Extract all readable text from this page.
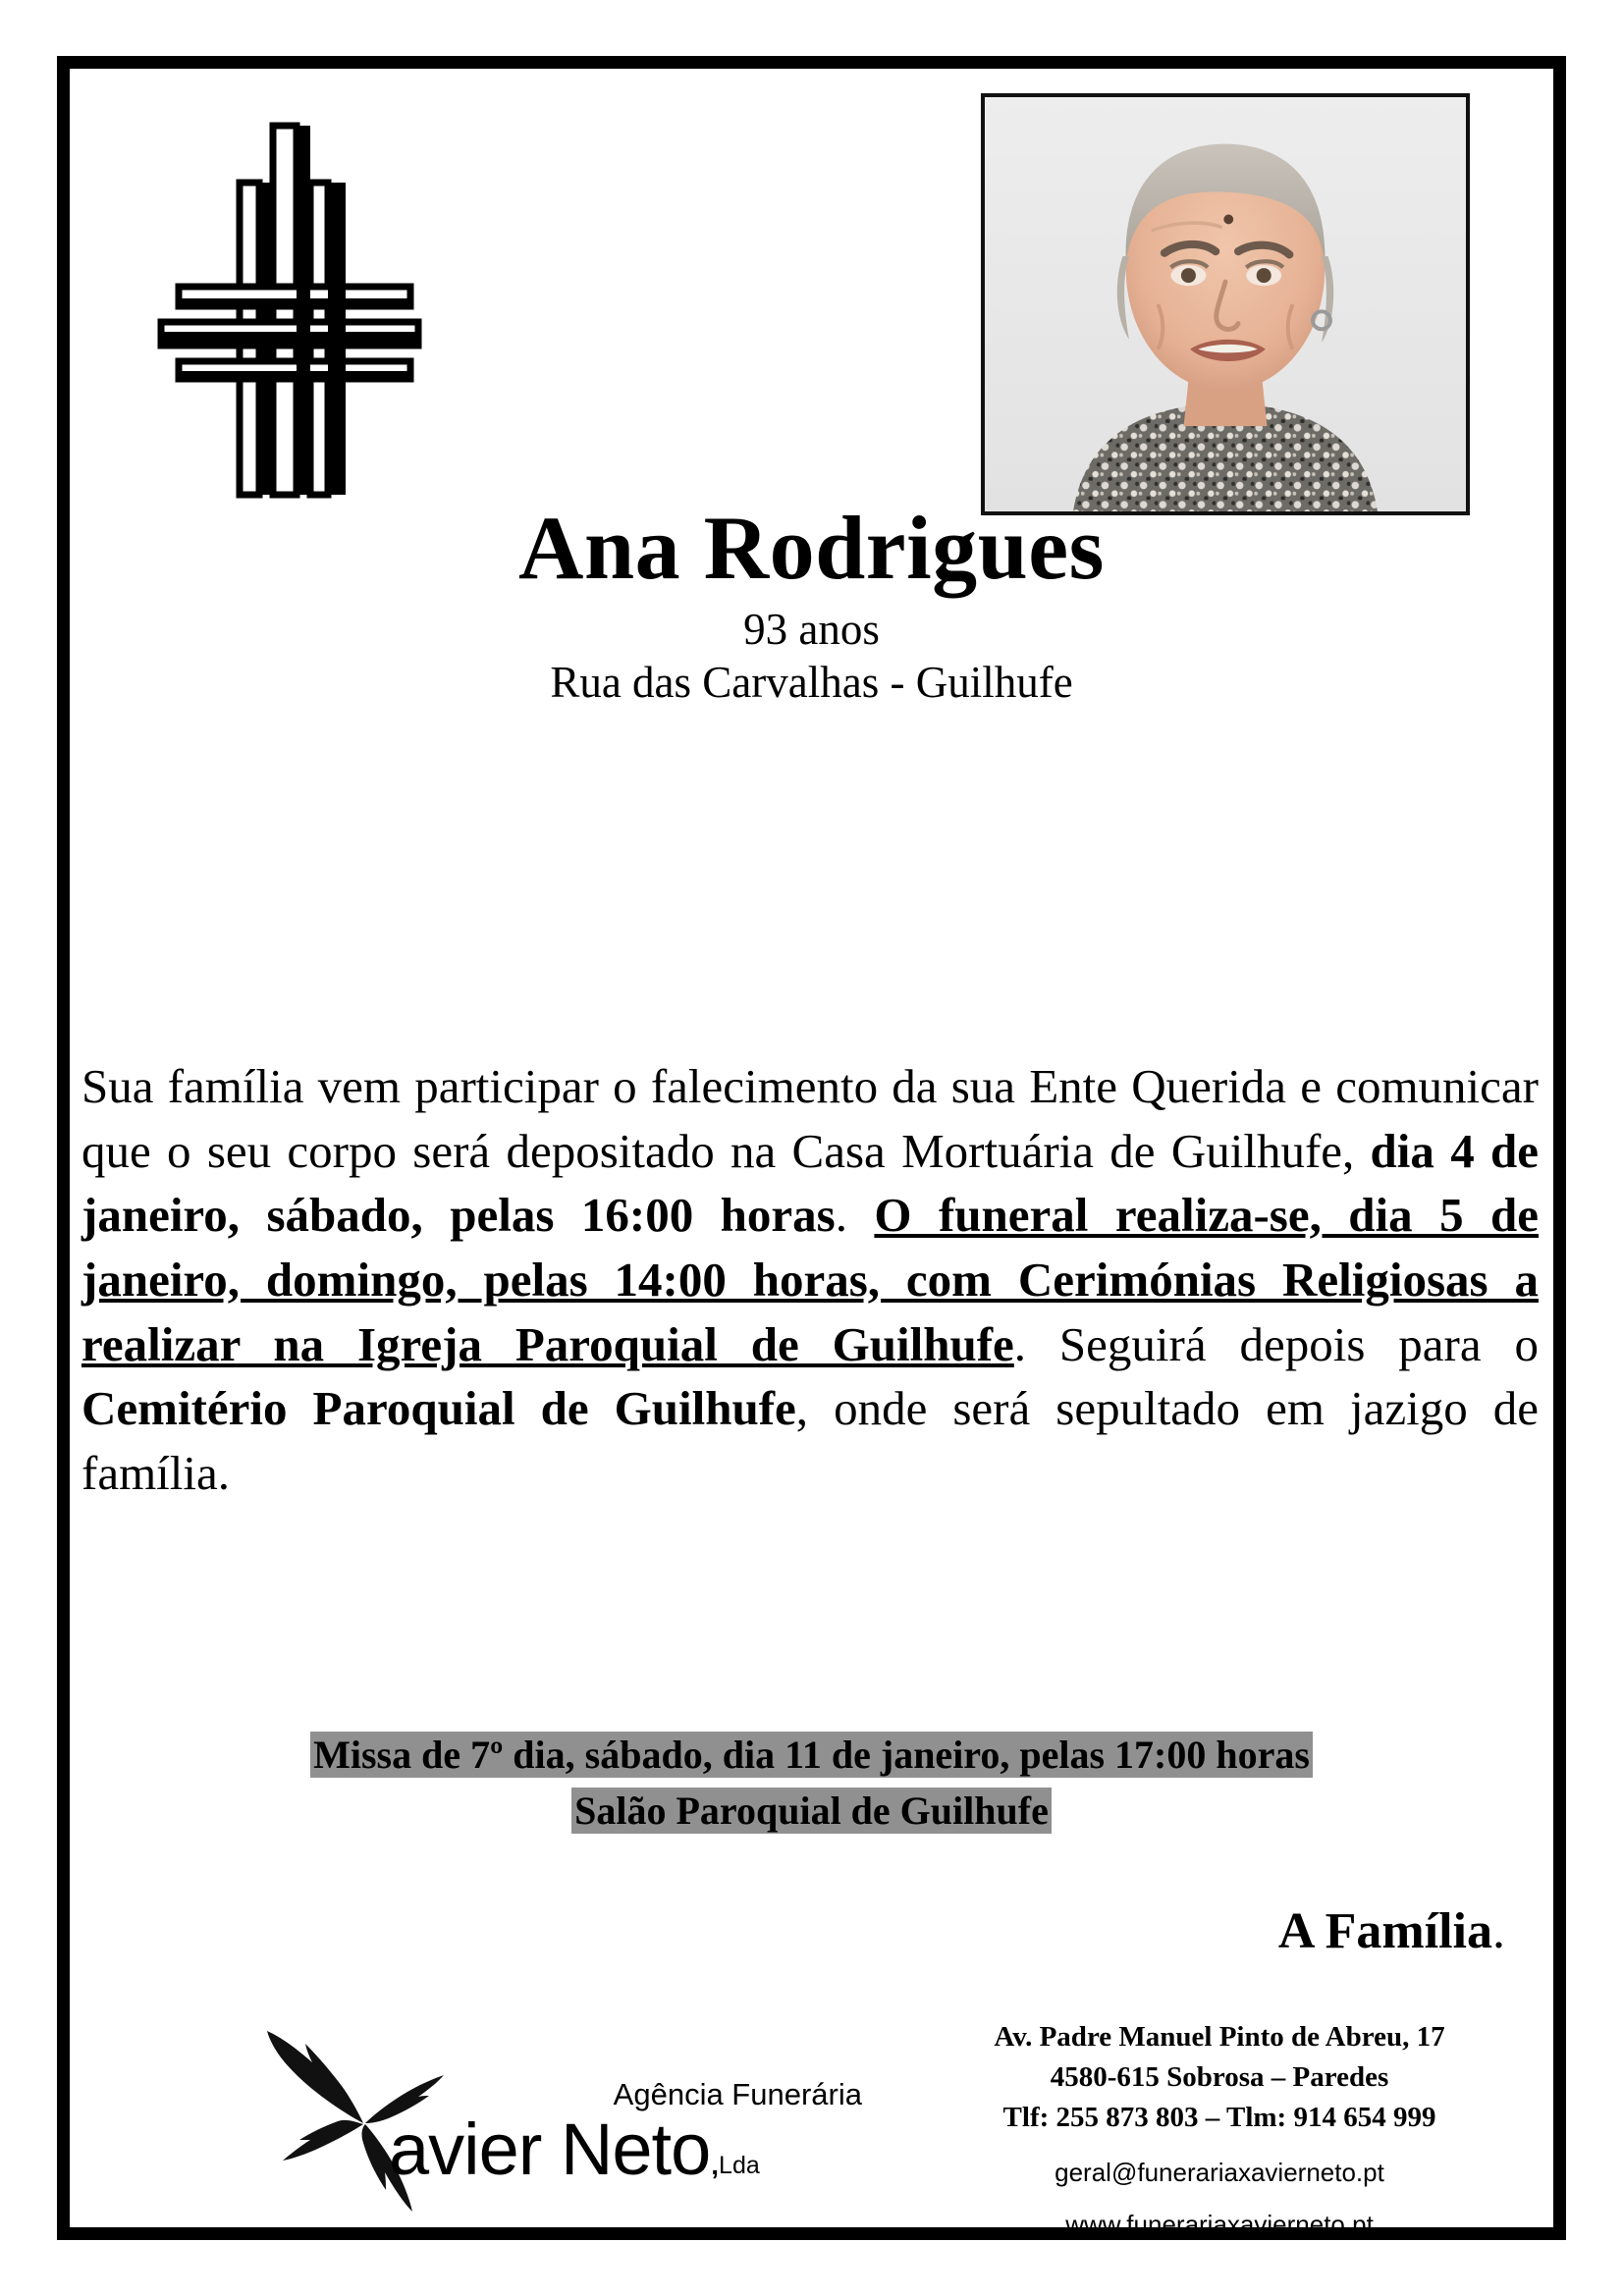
Ana Rodrigues
93 anos
Rua das Carvalhas - Guilhufe

Sua família vem participar o falecimento da sua Ente Querida e comunicar que o seu corpo será depositado na Casa Mortuária de Guilhufe, dia 4 de janeiro, sábado, pelas 16:00 horas. O funeral realiza-se, dia 5 de janeiro, domingo, pelas 14:00 horas, com Cerimónias Religiosas a realizar na Igreja Paroquial de Guilhufe. Seguirá depois para o Cemitério Paroquial de Guilhufe, onde será sepultado em jazigo de família.

Missa de 7º dia, sábado, dia 11 de janeiro, pelas 17:00 horas
Salão Paroquial de Guilhufe
A Família.
Agência Funerária
avier Neto , Lda
Av. Padre Manuel Pinto de Abreu, 17
4580-615 Sobrosa – Paredes
Tlf: 255 873 803 – Tlm: 914 654 999
geral@funerariaxavierneto.pt
www.funerariaxavierneto.pt
